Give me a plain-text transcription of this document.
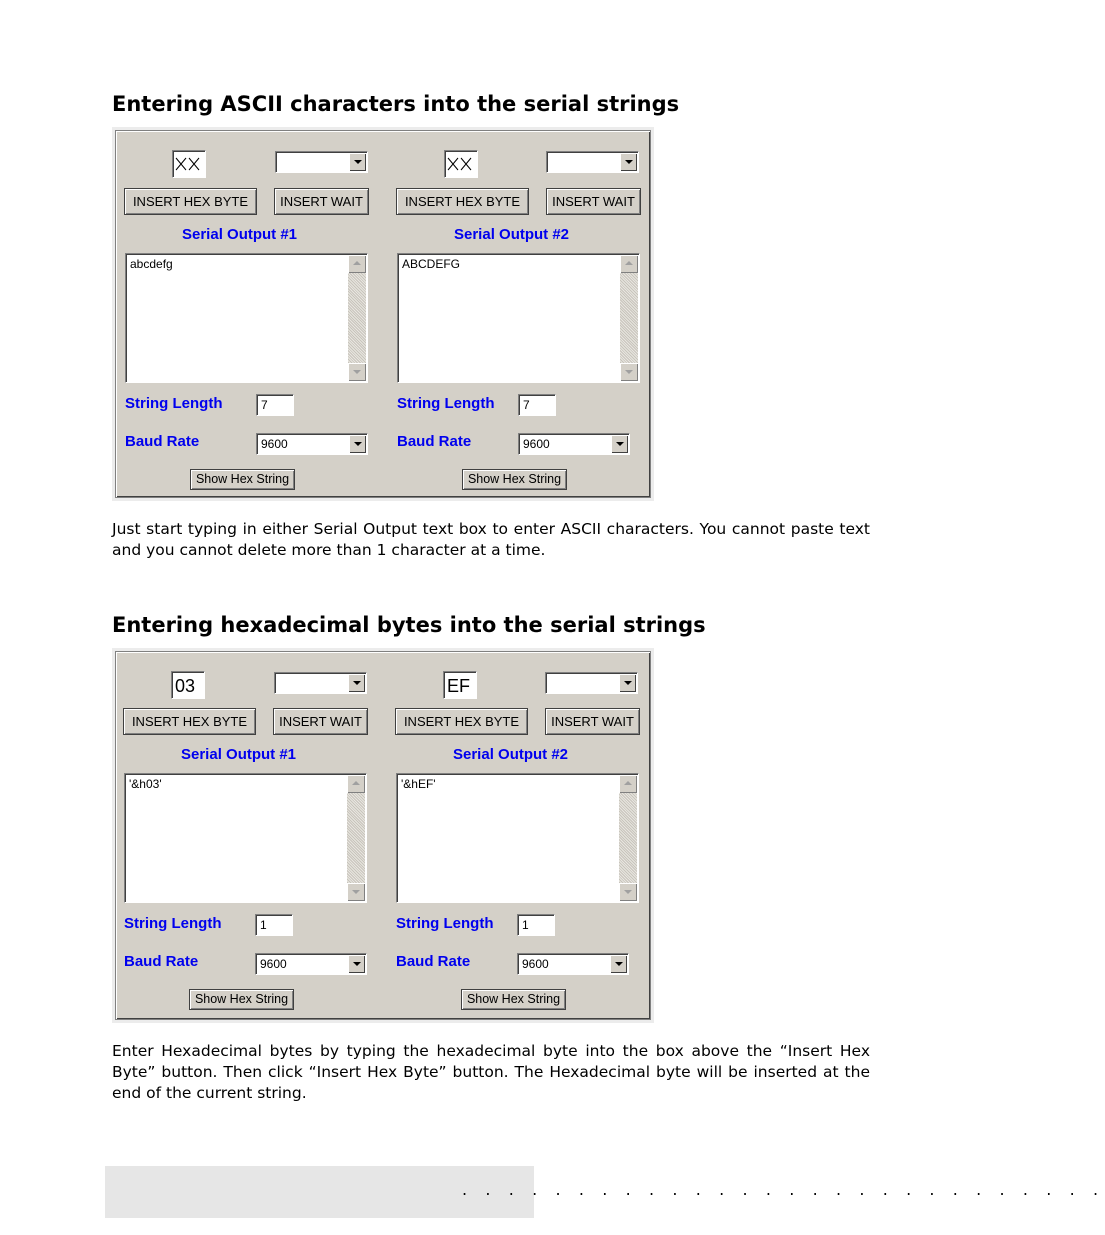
Entering ASCII characters into the serial strings
INSERT HEX BYTE	INSERT WAIT
Serial Output #1
abcdefg
String Length	7
Baud Rate	9600
Show Hex String
INSERT HEX BYTE	INSERT WAIT
Serial Output #2
ABCDEFG
String Length	7
Baud Rate	9600
Show Hex String
Just start typing in either Serial Output text box to enter ASCII characters. You cannot paste text and you cannot delete more than 1 character at a time.
Entering hexadecimal bytes into the serial strings
03
INSERT HEX BYTE	INSERT WAIT
Serial Output #1
'&h03'
String Length	1
Baud Rate	9600
Show Hex String
EF
INSERT HEX BYTE	INSERT WAIT
Serial Output #2
'&hEF'
String Length	1
Baud Rate	9600
Show Hex String
Enter Hexadecimal bytes by typing the hexadecimal byte into the box above the “Insert Hex Byte” button. Then click “Insert Hex Byte” button. The Hexadecimal byte will be inserted at the end of the current string.
. . . . . . . . . . . . . . . . . . . . . . . . . . . .
